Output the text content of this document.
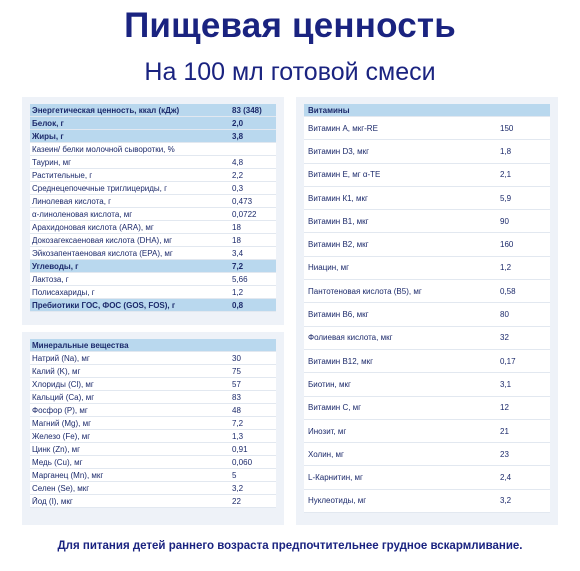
Пищевая ценность
На 100 мл готовой смеси
Энергетическая ценность, ккал (кДж)	83 (348)
Белок, г	2,0
Жиры, г	3,8
Казеин/ белки молочной сыворотки, %
Таурин, мг	4,8
Растительные, г	2,2
Среднецепочечные триглицериды, г	0,3
Линолевая кислота, г	0,473
α-линоленовая кислота, мг	0,0722
Арахидоновая кислота (ARA), мг	18
Докозагексаеновая кислота (DHA), мг	18
Эйкозапентаеновая кислота (EPA), мг	3,4
Углеводы, г	7,2
Лактоза, г	5,66
Полисахариды, г	1,2
Пребиотики ГОС, ФОС (GOS, FOS), г	0,8
Минеральные вещества
Натрий (Na), мг	30
Калий (K), мг	75
Хлориды (Cl), мг	57
Кальций (Ca), мг	83
Фосфор (P), мг	48
Магний (Mg), мг	7,2
Железо (Fe), мг	1,3
Цинк (Zn), мг	0,91
Медь (Cu), мг	0,060
Марганец (Mn), мкг	5
Селен (Se), мкг	3,2
Йод (I), мкг	22
Витамины
Витамин А, мкг-RE	150
Витамин D3, мкг	1,8
Витамин Е, мг α-TE	2,1
Витамин К1, мкг	5,9
Витамин В1, мкг	90
Витамин В2, мкг	160
Ниацин, мг	1,2
Пантотеновая кислота (В5), мг	0,58
Витамин В6, мкг	80
Фолиевая кислота, мкг	32
Витамин В12, мкг	0,17
Биотин, мкг	3,1
Витамин С, мг	12
Инозит, мг	21
Холин, мг	23
L-Карнитин, мг	2,4
Нуклеотиды, мг	3,2
Для питания детей раннего возраста предпочтительнее грудное вскармливание.
